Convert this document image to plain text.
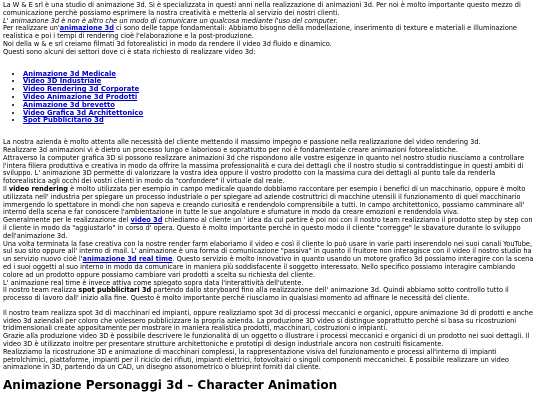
La W & E srl è una studio di animazione 3d. Si è specializzata in questi anni nella realizzazione di animazioni 3d. Per noi è molto importante questo mezzo di comunicazione perchè possiamo esprimere la nostra creatività e metterla al servizio dei nostri clienti.

L' animazione 3d è non è altro che un modo di comunicare un qualcosa mediante l'uso del computer.

Per realizzare un'animazione 3d ci sono delle tappe fondamentali: Abbiamo bisogno della modellazione, inserimento di texture e materiali e illuminazione realistica e poi i tempi di rendering cioè l'elaborazione e la post-produzione.

Noi della w & e srl creiamo filmati 3d fotorealistici in modo da rendere il video 3d fluido e dinamico.

Questi sono alcuni dei settori dove ci è stata richiesto di realizzare video 3d:

• Animazione 3d Medicale
• Video 3D Industriale
• Video Rendering 3d Corporate
• Video Animazione 3d Prodotti
• Animazione 3d brevetto
• Video Grafica 3d Architettonico
• Spot Pubblicitario 3d

La nostra azienda è molto attenta alle necessità del cliente mettendo il massimo impegno e passione nella realizzazione del video rendering 3d.

Realizzare 3d animazioni vi è dietro un processo lungo e laborioso e soprattutto per noi è fondamentale creare animazioni fotorealistiche.

Attraverso la computer grafica 3D si possono realizzare animazioni 3d che rispondono alle vostre esigenze in quanto nel nostro studio riusciamo a controllare l'intera filiera produttiva e creativa in modo da offrire la massima professionalità e cura dei dettagli che il nostro studio si contraddistingue in questi ambiti di sviluppo. L' animazione 3D permette di valorizzare la vostra idea oppure il vostro prodotto con la massima cura dei dettagli al punto tale da renderla fotorealistica agli occhi dei vostri clienti in modo da "confondere" il virtuale dal reale.

Il video rendering è molto utilizzata per esempio in campo medicale quando dobbiamo raccontare per esempio i benefici di un macchinario, oppure è molto utilizzata nell' industria per spiegare un processo industriale o per spiegare ad aziende costruttrici di macchine utensili il funzionamento di quel macchinario immergendo lo spettatore in mondi che non sapeva e creando curiosità e rendendolo comprensibile a tutti. In campo architettonico, possiamo camminare all' interno della scena e far conoscere l'ambientazione in tutte le sue angolature e sfumature in modo da creare emozioni e rendendola viva.

Generalmente per le realizzazione del video 3d chiediamo al cliente un ' idea da cui partire è poi noi con il nostro team realizziamo il prodotto step by step con il cliente in modo da "aggiustarlo" in corso d' opera. Questo è molto importante perchè in questo modo il cliente "corregge" le sbavature durante lo sviluppo dell'animazione 3d.

Una volta terminata la fase creativa con la nostre render farm elaboriamo il video e così il cliente lo può usare in varie parti inserendolo nei suoi canali YouTube, sul suo sito oppure all' interno di mail. L' animazione è una forma di comunicazione "passiva" in quanto il fruitore non interagisce con il video il nostro studio ha un servizio nuovo cioè l'animazione 3d real time. Questo servizio è molto innovativo in quanto usando un motore grafico 3d possiamo interagire con la scena ed i suoi oggetti al suo interno in modo da comunicare in maniera più soddisfacente il soggetto interessato. Nello specifico possiamo interagire cambiando colore ad un prodotto oppure possiamo cambiare vari prodotti a scelta su richiesta del cliente.

L' animazione real time è invece attiva come spiegato sopra data l'interattività dell'utente.

Il nostro team realizza spot pubblicitari 3d partendo dallo storyboard fino alla realizzazione dell' animazione 3d. Quindi abbiamo sotto controllo tutto il processo di lavoro dall' inizio alla fine. Questo è molto importante perché riusciamo in qualsiasi momento ad affinare le necessità del cliente.

Il nostro team realizza spot 3d di macchinari ed impianti, oppure realizziamo spot 3d di processi meccanici e organici, oppure animazione 3d di prodotti e anche video 3d aziendali per coloro che volessero pubblicizzare la propria azienda. La produzione 3D video si distingue soprattutto perché si basa su ricostruzioni tridimensionali create appositamente per mostrare in maniera realistica prodotti, macchinari, costruzioni o impianti.

Grazie alla produzione video 3D è possibile descrivere le funzionalità di un oggetto o illustrare i processi meccanici e organici di un prodotto nei suoi dettagli. Il video 3D è utilizzato inoltre per presentare strutture architettoniche e prototipi di design industriale ancora non costruiti fisicamente.

Realizziamo la ricostruzione 3D e animazione di macchinari complessi, la rappresentazione visiva del funzionamento e processi all'interno di impianti petrolchimici, piattaforme, impianti per il riciclo dei rifiuti, impianti elettrici, fotovoltaici o singoli componenti meccanichei. È possibile realizzare un video animazione in 3D, partendo da un CAD, un disegno assonometrico o blueprint forniti dal cliente.

Animazione Personaggi 3d – Character Animation
